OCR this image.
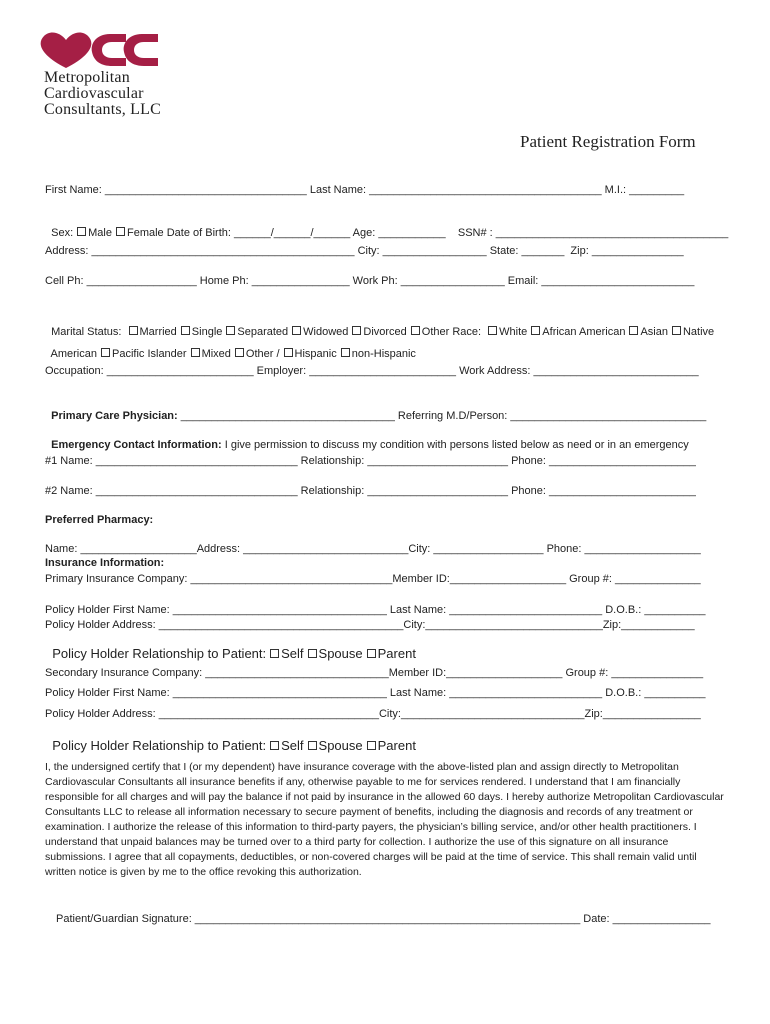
Metropolitan
Cardiovascular
Consultants, LLC
Patient Registration Form
First Name: _________________________________ Last Name: ______________________________________ M.I.: _________

Sex: Male Female Date of Birth: ______/______/______ Age: ___________    SSN# : ______________________________________

Address: ___________________________________________ City: _________________ State: _______  Zip: _______________
Cell Ph: __________________ Home Ph: ________________ Work Ph: _________________ Email: _________________________

Marital Status: Married Single Separated Widowed Divorced Other Race: White African American Asian Native

American Pacific Islander Mixed Other / Hispanic non-Hispanic

Occupation: ________________________ Employer: ________________________ Work Address: ___________________________

Primary Care Physician: ___________________________________ Referring M.D/Person: ________________________________

Emergency Contact Information: I give permission to discuss my condition with persons listed below as need or in an emergency

#1 Name: _________________________________ Relationship: _______________________ Phone: ________________________
#2 Name: _________________________________ Relationship: _______________________ Phone: ________________________
Preferred Pharmacy:
Name: ___________________Address: ___________________________City: __________________ Phone: ___________________
Insurance Information:
Primary Insurance Company: _________________________________Member ID:___________________ Group #: ______________
Policy Holder First Name: ___________________________________ Last Name: _________________________ D.O.B.: __________
Policy Holder Address: ________________________________________City:_____________________________Zip:____________

Policy Holder Relationship to Patient: Self Spouse Parent

Secondary Insurance Company: ______________________________Member ID:___________________ Group #: _______________
Policy Holder First Name: ___________________________________ Last Name: _________________________ D.O.B.: __________
Policy Holder Address: ____________________________________City:______________________________Zip:________________

Policy Holder Relationship to Patient: Self Spouse Parent

I, the undersigned certify that I (or my dependent) have insurance coverage with the above-listed plan and assign directly to Metropolitan Cardiovascular Consultants all insurance benefits if any, otherwise payable to me for services rendered. I understand that I am financially responsible for all charges and will pay the balance if not paid by insurance in the allowed 60 days. I hereby authorize Metropolitan Cardiovascular Consultants LLC to release all information necessary to secure payment of benefits, including the diagnosis and records of any treatment or examination. I authorize the release of this information to third-party payers, the physician’s billing service, and/or other health practitioners. I understand that unpaid balances may be turned over to a third party for collection. I authorize the use of this signature on all insurance submissions. I agree that all copayments, deductibles, or non-covered charges will be paid at the time of service. This shall remain valid until written notice is given by me to the office revoking this authorization.
Patient/Guardian Signature: _______________________________________________________________ Date: ________________
